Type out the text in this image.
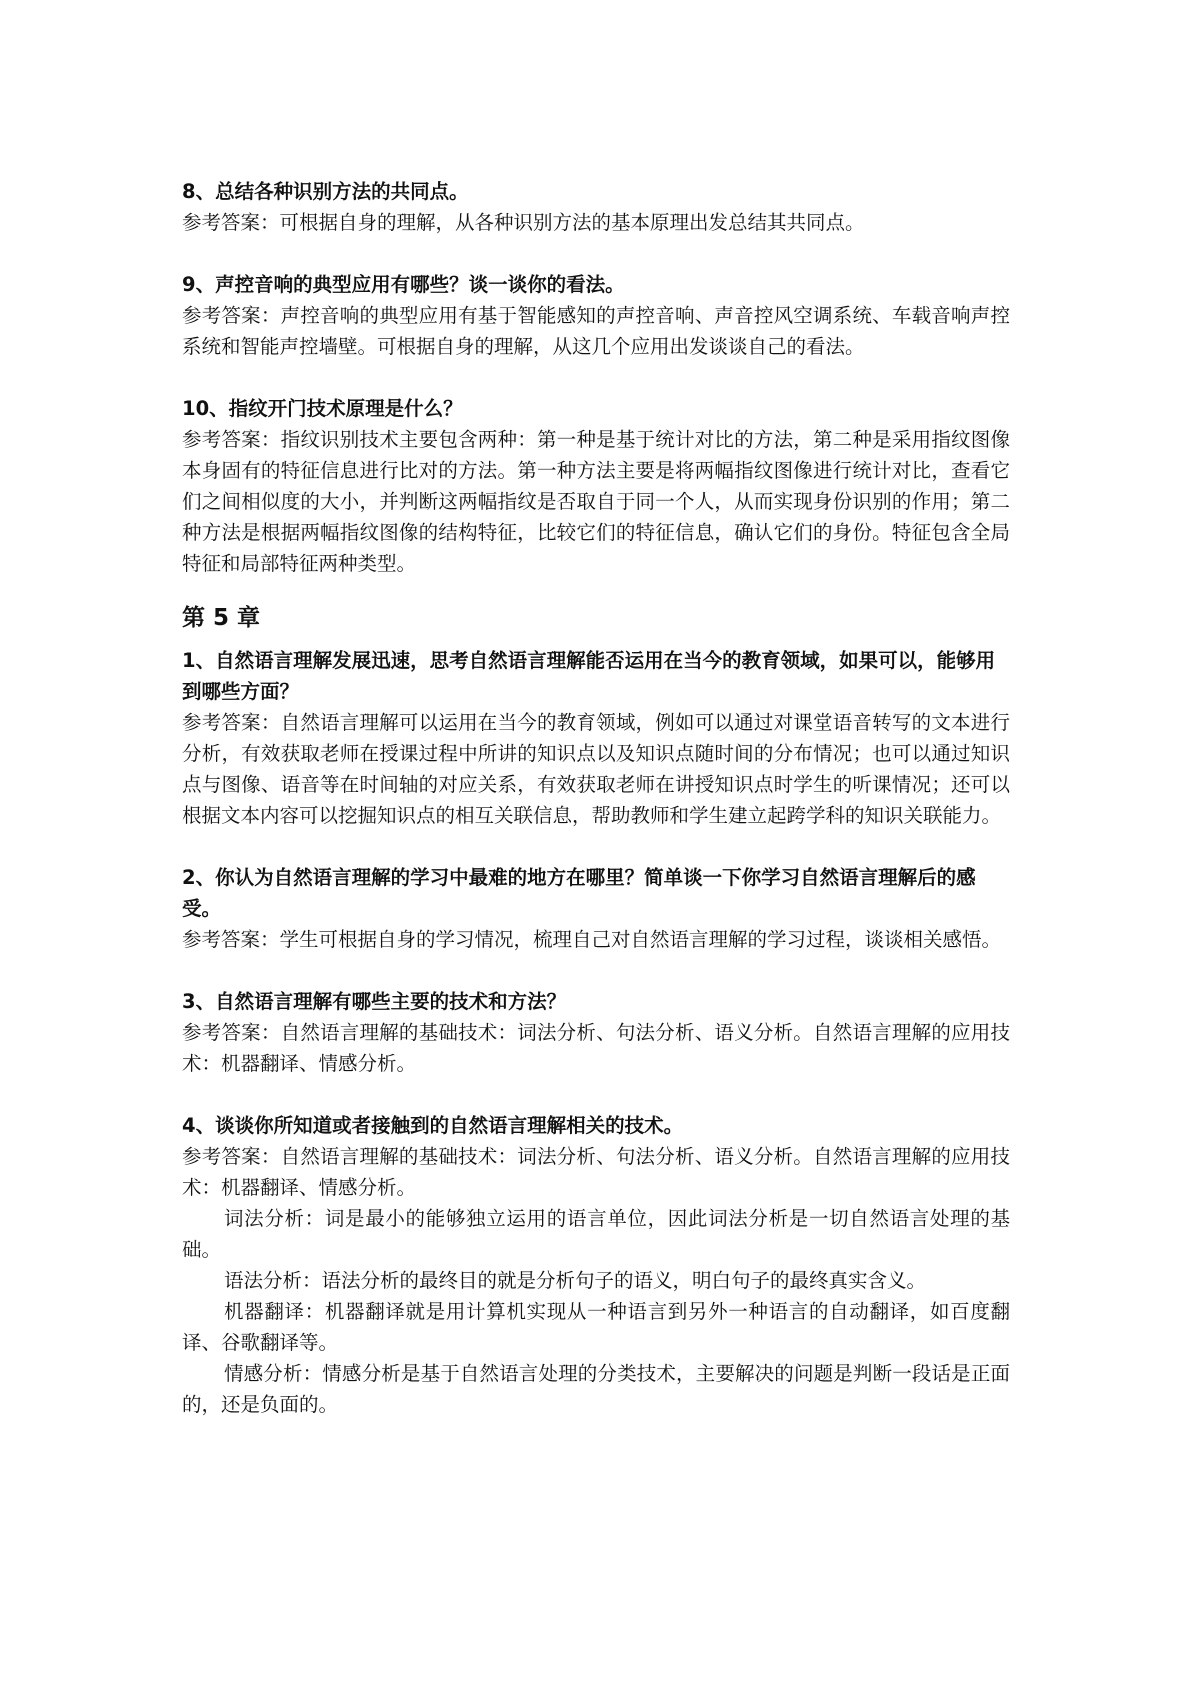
8、总结各种识别方法的共同点。

参考答案：可根据自身的理解，从各种识别方法的基本原理出发总结其共同点。

9、声控音响的典型应用有哪些？谈一谈你的看法。

参考答案：声控音响的典型应用有基于智能感知的声控音响、声音控风空调系统、车载音响声控系统和智能声控墙壁。可根据自身的理解，从这几个应用出发谈谈自己的看法。

10、指纹开门技术原理是什么？

参考答案：指纹识别技术主要包含两种：第一种是基于统计对比的方法，第二种是采用指纹图像本身固有的特征信息进行比对的方法。第一种方法主要是将两幅指纹图像进行统计对比，查看它们之间相似度的大小，并判断这两幅指纹是否取自于同一个人，从而实现身份识别的作用；第二种方法是根据两幅指纹图像的结构特征，比较它们的特征信息，确认它们的身份。特征包含全局特征和局部特征两种类型。

第 5 章

1、自然语言理解发展迅速，思考自然语言理解能否运用在当今的教育领域，如果可以，能够用到哪些方面？

参考答案：自然语言理解可以运用在当今的教育领域，例如可以通过对课堂语音转写的文本进行分析，有效获取老师在授课过程中所讲的知识点以及知识点随时间的分布情况；也可以通过知识点与图像、语音等在时间轴的对应关系，有效获取老师在讲授知识点时学生的听课情况；还可以根据文本内容可以挖掘知识点的相互关联信息，帮助教师和学生建立起跨学科的知识关联能力。

2、你认为自然语言理解的学习中最难的地方在哪里？简单谈一下你学习自然语言理解后的感受。

参考答案：学生可根据自身的学习情况，梳理自己对自然语言理解的学习过程，谈谈相关感悟。

3、自然语言理解有哪些主要的技术和方法？

参考答案：自然语言理解的基础技术：词法分析、句法分析、语义分析。自然语言理解的应用技术：机器翻译、情感分析。

4、谈谈你所知道或者接触到的自然语言理解相关的技术。

参考答案：自然语言理解的基础技术：词法分析、句法分析、语义分析。自然语言理解的应用技术：机器翻译、情感分析。

词法分析：词是最小的能够独立运用的语言单位，因此词法分析是一切自然语言处理的基础。

语法分析：语法分析的最终目的就是分析句子的语义，明白句子的最终真实含义。

机器翻译：机器翻译就是用计算机实现从一种语言到另外一种语言的自动翻译，如百度翻译、谷歌翻译等。

情感分析：情感分析是基于自然语言处理的分类技术，主要解决的问题是判断一段话是正面的，还是负面的。
